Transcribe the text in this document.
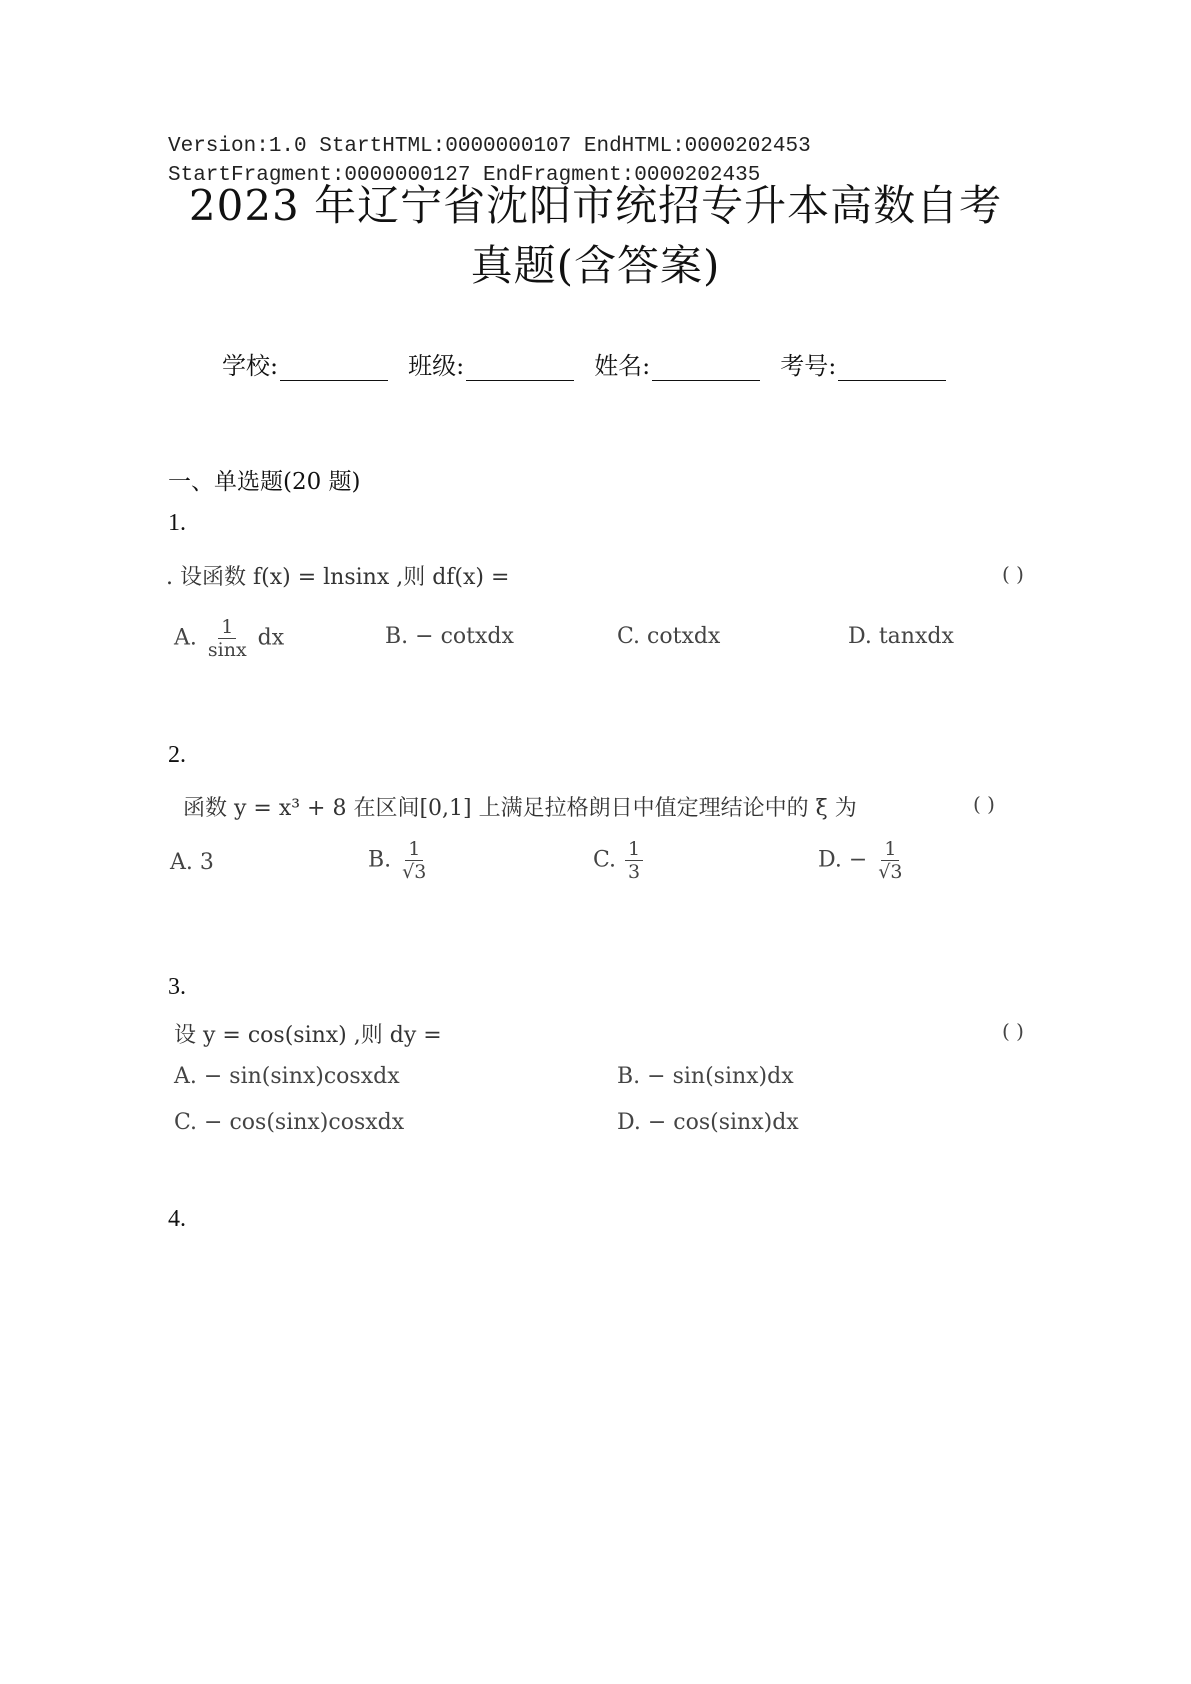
Version:1.0 StartHTML:0000000107 EndHTML:0000202453
StartFragment:0000000127 EndFragment:0000202435
2023 年辽宁省沈阳市统招专升本高数自考
真题(含答案)
学校:	班级:	姓名:	考号:
一、单选题(20 题)
1.
. 设函数 f(x) = lnsinx ,则 df(x) =	( )
A. $\frac{1}{\sin x}$ dx	B. − cotxdx	C. cotxdx	D. tanxdx
2.
函数 y = x³ + 8 在区间[0,1] 上满足拉格朗日中值定理结论中的 ξ 为	( )
A. 3	B. $\frac{1}{√3}$	C. $\frac{1}{3}$	D. − $\frac{1}{√3}$
3.
设 y = cos(sinx) ,则 dy =	( )
A. − sin(sinx)cosxdx	B. − sin(sinx)dx
C. − cos(sinx)cosxdx	D. − cos(sinx)dx
4.
